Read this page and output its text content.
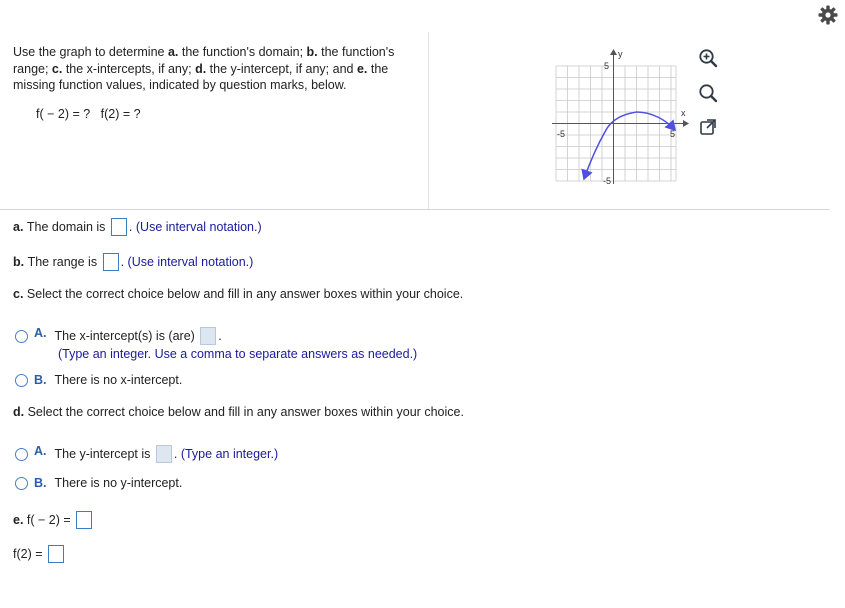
Use the graph to determine a. the function's domain; b. the function's range; c. the x-intercepts, if any; d. the y-intercept, if any; and e. the missing function values, indicated by question marks, below.
f( − 2) = ?   f(2) = ?
y
x
5
-5
-5	5
a.
The domain is
.
(Use interval notation.)
b.
The range is
.
(Use interval notation.)
c.
Select the correct choice below and fill in any answer boxes within your choice.
A. The x-intercept(s) is (are)
.
(Type an integer. Use a comma to separate answers as needed.)
B. There is no x-intercept.
d.
Select the correct choice below and fill in any answer boxes within your choice.
A. The y-intercept is
.
(Type an integer.)
B. There is no y-intercept.
e.
f( − 2) =

f(2) =
